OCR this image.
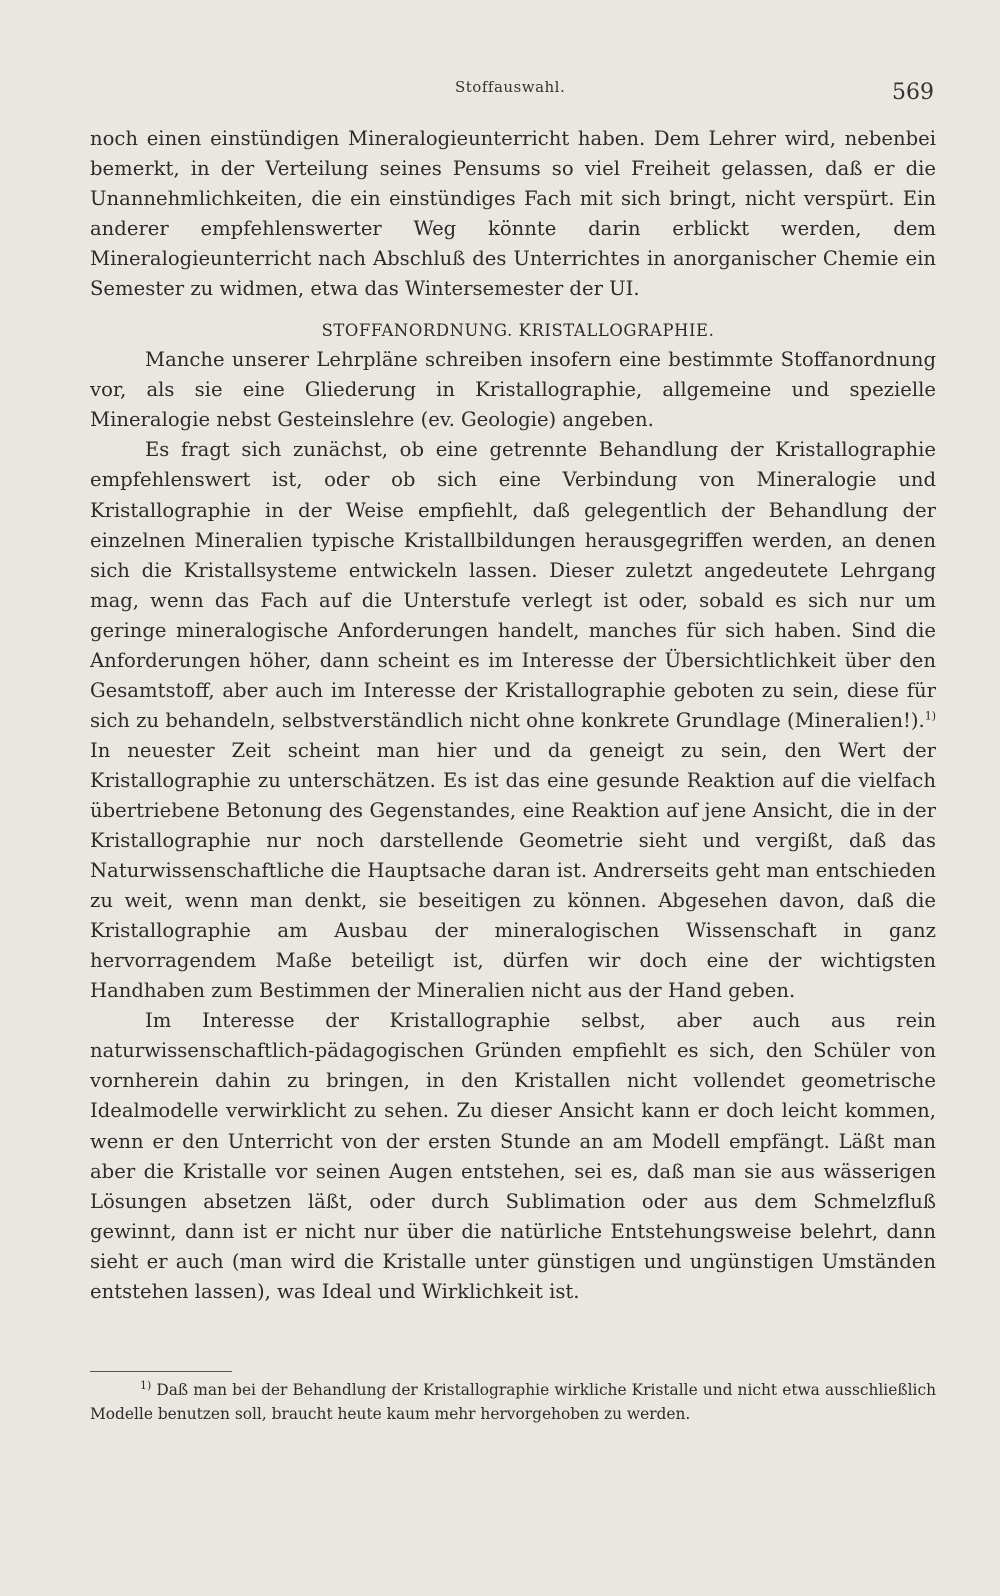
Stoffauswahl.	569

noch einen einstündigen Mineralogieunterricht haben. Dem Lehrer wird, nebenbei bemerkt, in der Verteilung seines Pensums so viel Freiheit gelassen, daß er die Unannehmlichkeiten, die ein einstündiges Fach mit sich bringt, nicht verspürt. Ein anderer empfehlenswerter Weg könnte darin erblickt werden, dem Mineralogieunterricht nach Abschluß des Unterrichtes in anorganischer Chemie ein Semester zu widmen, etwa das Wintersemester der UI.

STOFFANORDNUNG. KRISTALLOGRAPHIE.

Manche unserer Lehrpläne schreiben insofern eine bestimmte Stoffanordnung vor, als sie eine Gliederung in Kristallographie, allgemeine und spezielle Mineralogie nebst Gesteinslehre (ev. Geologie) angeben.

Es fragt sich zunächst, ob eine getrennte Behandlung der Kristallographie empfehlenswert ist, oder ob sich eine Verbindung von Mineralogie und Kristallographie in der Weise empfiehlt, daß gelegentlich der Behandlung der einzelnen Mineralien typische Kristallbildungen herausgegriffen werden, an denen sich die Kristallsysteme entwickeln lassen. Dieser zuletzt angedeutete Lehrgang mag, wenn das Fach auf die Unterstufe verlegt ist oder, sobald es sich nur um geringe mineralogische Anforderungen handelt, manches für sich haben. Sind die Anforderungen höher, dann scheint es im Interesse der Übersichtlichkeit über den Gesamtstoff, aber auch im Interesse der Kristallographie geboten zu sein, diese für sich zu behandeln, selbstverständlich nicht ohne konkrete Grundlage (Mineralien!).$^{1)}$ In neuester Zeit scheint man hier und da geneigt zu sein, den Wert der Kristallographie zu unterschätzen. Es ist das eine gesunde Reaktion auf die vielfach übertriebene Betonung des Gegenstandes, eine Reaktion auf jene Ansicht, die in der Kristallographie nur noch darstellende Geometrie sieht und vergißt, daß das Naturwissenschaftliche die Hauptsache daran ist. Andrerseits geht man entschieden zu weit, wenn man denkt, sie beseitigen zu können. Abgesehen davon, daß die Kristallographie am Ausbau der mineralogischen Wissenschaft in ganz hervorragendem Maße beteiligt ist, dürfen wir doch eine der wichtigsten Handhaben zum Bestimmen der Mineralien nicht aus der Hand geben.

Im Interesse der Kristallographie selbst, aber auch aus rein naturwissenschaftlich-pädagogischen Gründen empfiehlt es sich, den Schüler von vornherein dahin zu bringen, in den Kristallen nicht vollendet geometrische Idealmodelle verwirklicht zu sehen. Zu dieser Ansicht kann er doch leicht kommen, wenn er den Unterricht von der ersten Stunde an am Modell empfängt. Läßt man aber die Kristalle vor seinen Augen entstehen, sei es, daß man sie aus wässerigen Lösungen absetzen läßt, oder durch Sublimation oder aus dem Schmelzfluß gewinnt, dann ist er nicht nur über die natürliche Entstehungsweise belehrt, dann sieht er auch (man wird die Kristalle unter günstigen und ungünstigen Umständen entstehen lassen), was Ideal und Wirklichkeit ist.

$^{1)}$ Daß man bei der Behandlung der Kristallographie wirkliche Kristalle und nicht etwa ausschließlich Modelle benutzen soll, braucht heute kaum mehr hervorgehoben zu werden.
